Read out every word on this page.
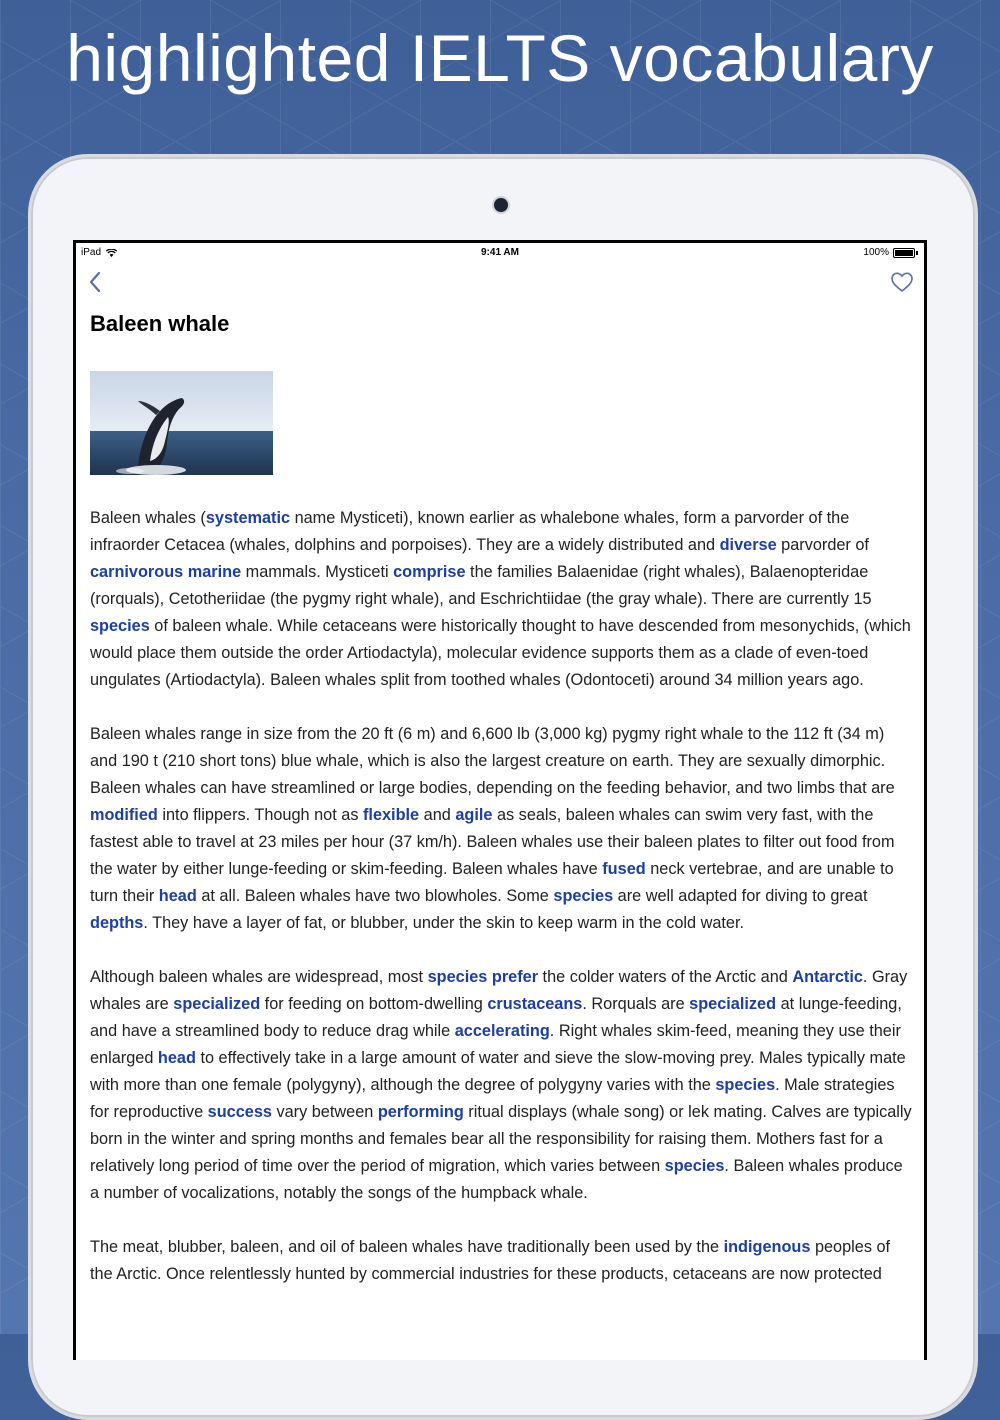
highlighted IELTS vocabulary
iPad	9:41 AM	100%
Baleen whale

Baleen whales (systematic name Mysticeti), known earlier as whalebone whales, form a parvorder of the infraorder Cetacea (whales, dolphins and porpoises). They are a widely distributed and diverse parvorder of carnivorous marine mammals. Mysticeti comprise the families Balaenidae (right whales), Balaenopteridae (rorquals), Cetotheriidae (the pygmy right whale), and Eschrichtiidae (the gray whale). There are currently 15 species of baleen whale. While cetaceans were historically thought to have descended from mesonychids, (which would place them outside the order Artiodactyla), molecular evidence supports them as a clade of even-toed ungulates (Artiodactyla). Baleen whales split from toothed whales (Odontoceti) around 34 million years ago.

Baleen whales range in size from the 20 ft (6 m) and 6,600 lb (3,000 kg) pygmy right whale to the 112 ft (34 m) and 190 t (210 short tons) blue whale, which is also the largest creature on earth. They are sexually dimorphic. Baleen whales can have streamlined or large bodies, depending on the feeding behavior, and two limbs that are modified into flippers. Though not as flexible and agile as seals, baleen whales can swim very fast, with the fastest able to travel at 23 miles per hour (37 km/h). Baleen whales use their baleen plates to filter out food from the water by either lunge-feeding or skim-feeding. Baleen whales have fused neck vertebrae, and are unable to turn their head at all. Baleen whales have two blowholes. Some species are well adapted for diving to great depths. They have a layer of fat, or blubber, under the skin to keep warm in the cold water.

Although baleen whales are widespread, most species prefer the colder waters of the Arctic and Antarctic. Gray whales are specialized for feeding on bottom-dwelling crustaceans. Rorquals are specialized at lunge-feeding, and have a streamlined body to reduce drag while accelerating. Right whales skim-feed, meaning they use their enlarged head to effectively take in a large amount of water and sieve the slow-moving prey. Males typically mate with more than one female (polygyny), although the degree of polygyny varies with the species. Male strategies for reproductive success vary between performing ritual displays (whale song) or lek mating. Calves are typically born in the winter and spring months and females bear all the responsibility for raising them. Mothers fast for a relatively long period of time over the period of migration, which varies between species. Baleen whales produce a number of vocalizations, notably the songs of the humpback whale.

The meat, blubber, baleen, and oil of baleen whales have traditionally been used by the indigenous peoples of the Arctic. Once relentlessly hunted by commercial industries for these products, cetaceans are now protected
